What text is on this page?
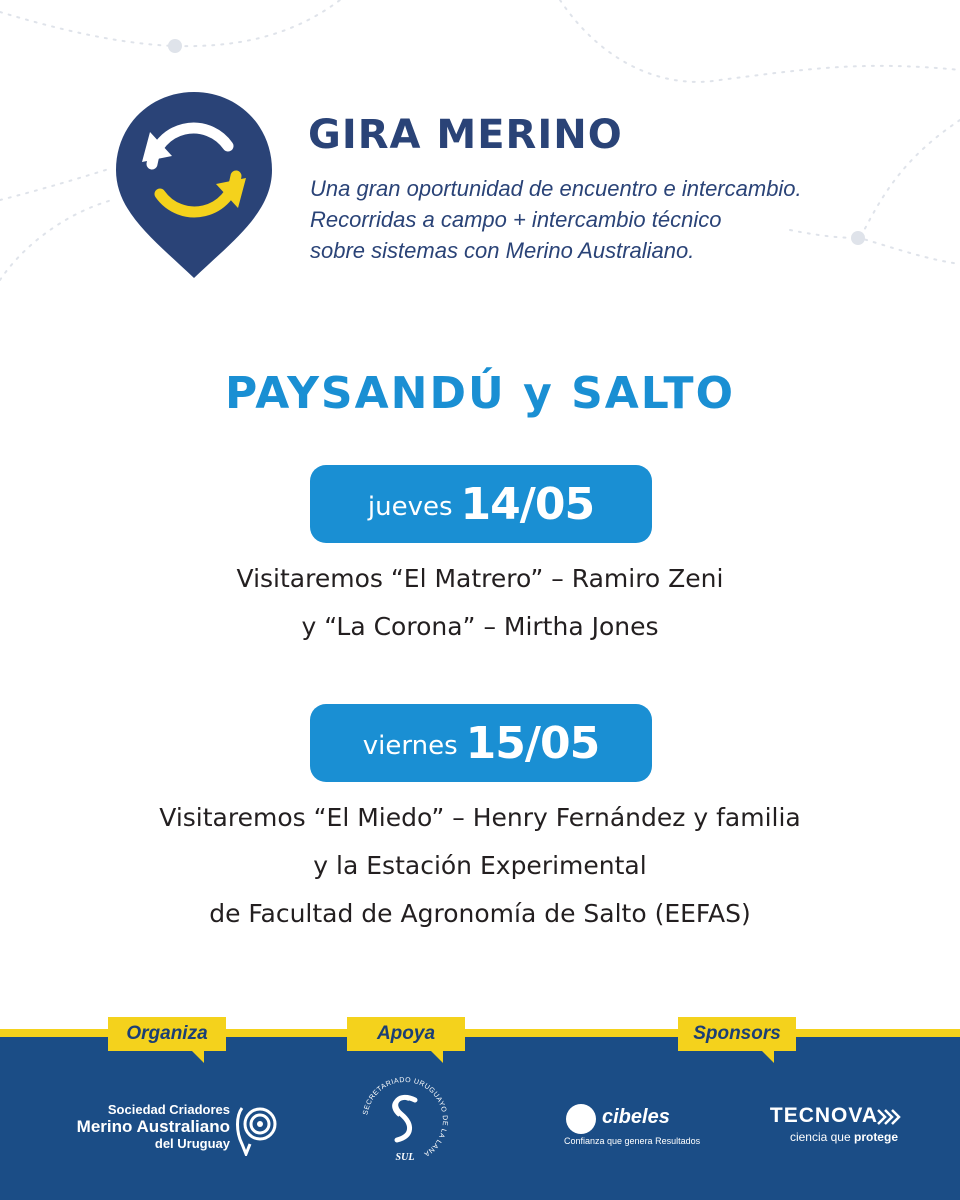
GIRA MERINO
Una gran oportunidad de encuentro e intercambio.
Recorridas a campo + intercambio técnico
sobre sistemas con Merino Australiano.
PAYSANDÚ y SALTO
jueves 14/05
Visitaremos “El Matrero” – Ramiro Zeni
y “La Corona” – Mirtha Jones
viernes 15/05
Visitaremos “El Miedo” – Henry Fernández y familia
y la Estación Experimental
de Facultad de Agronomía de Salto (EEFAS)
Organiza	Apoya	Sponsors
Sociedad Criadores
Merino Australiano
del Uruguay
SECRETARIADO URUGUAYO DE LA LANA
SUL
cibeles
Confianza que genera Resultados
TECNOVA
ciencia que protege
